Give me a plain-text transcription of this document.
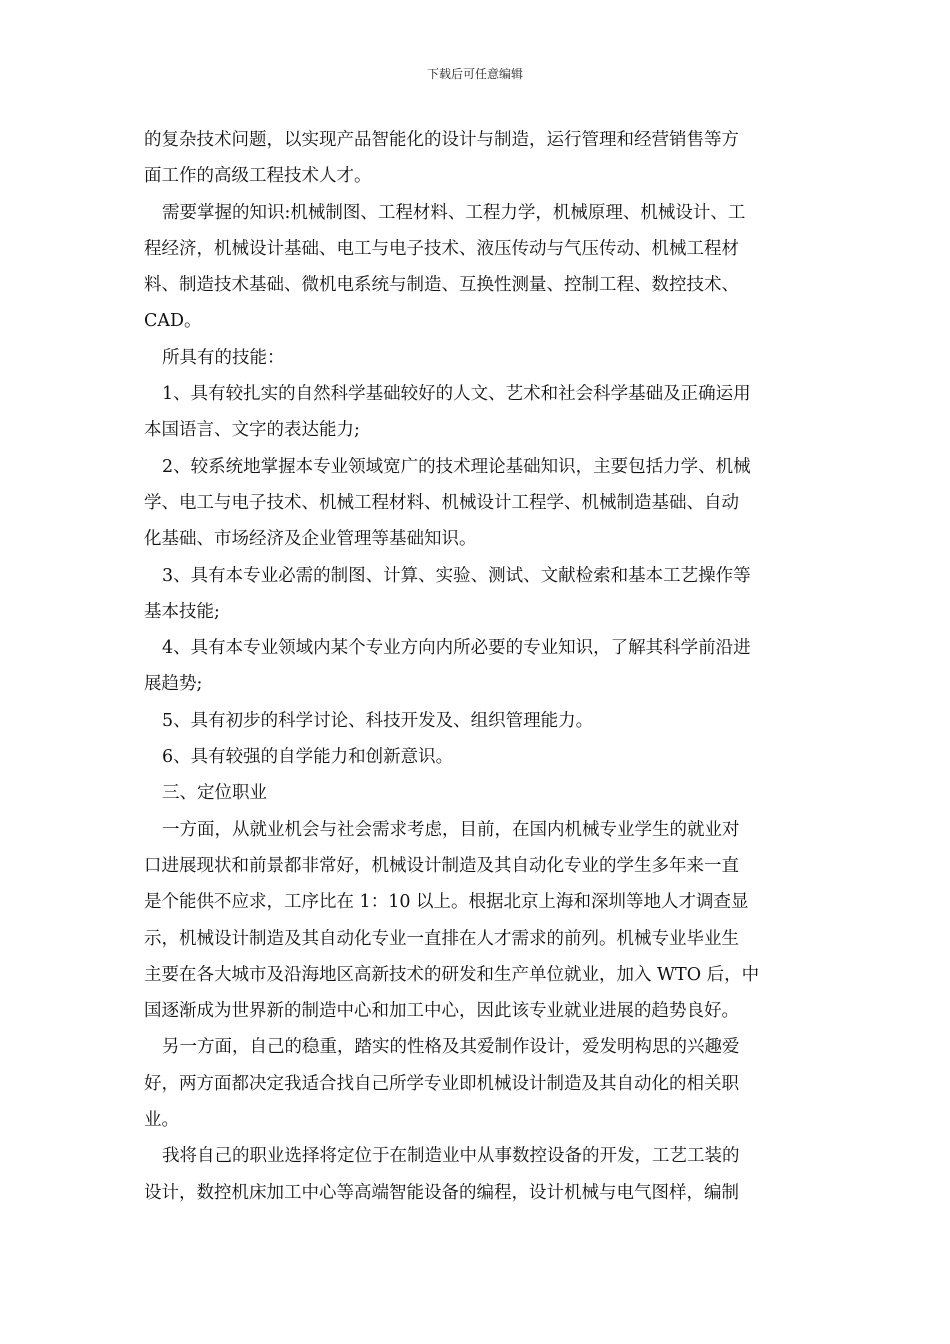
下载后可任意编辑
的复杂技术问题，以实现产品智能化的设计与制造，运行管理和经营销售等方
面工作的高级工程技术人才。
需要掌握的知识:机械制图、工程材料、工程力学，机械原理、机械设计、工
程经济，机械设计基础、电工与电子技术、液压传动与气压传动、机械工程材
料、制造技术基础、微机电系统与制造、互换性测量、控制工程、数控技术、
CAD。
所具有的技能：
1、具有较扎实的自然科学基础较好的人文、艺术和社会科学基础及正确运用
本国语言、文字的表达能力;
2、较系统地掌握本专业领域宽广的技术理论基础知识，主要包括力学、机械
学、电工与电子技术、机械工程材料、机械设计工程学、机械制造基础、自动
化基础、市场经济及企业管理等基础知识。
3、具有本专业必需的制图、计算、实验、测试、文献检索和基本工艺操作等
基本技能;
4、具有本专业领域内某个专业方向内所必要的专业知识，了解其科学前沿进
展趋势;
5、具有初步的科学讨论、科技开发及、组织管理能力。
6、具有较强的自学能力和创新意识。
三、定位职业
一方面，从就业机会与社会需求考虑，目前，在国内机械专业学生的就业对
口进展现状和前景都非常好，机械设计制造及其自动化专业的学生多年来一直
是个能供不应求，工序比在 1：10 以上。根据北京上海和深圳等地人才调查显
示，机械设计制造及其自动化专业一直排在人才需求的前列。机械专业毕业生
主要在各大城市及沿海地区高新技术的研发和生产单位就业，加入 WTO 后，中
国逐渐成为世界新的制造中心和加工中心，因此该专业就业进展的趋势良好。
另一方面，自己的稳重，踏实的性格及其爱制作设计，爱发明构思的兴趣爱
好，两方面都决定我适合找自己所学专业即机械设计制造及其自动化的相关职
业。
我将自己的职业选择将定位于在制造业中从事数控设备的开发，工艺工装的
设计，数控机床加工中心等高端智能设备的编程，设计机械与电气图样，编制
